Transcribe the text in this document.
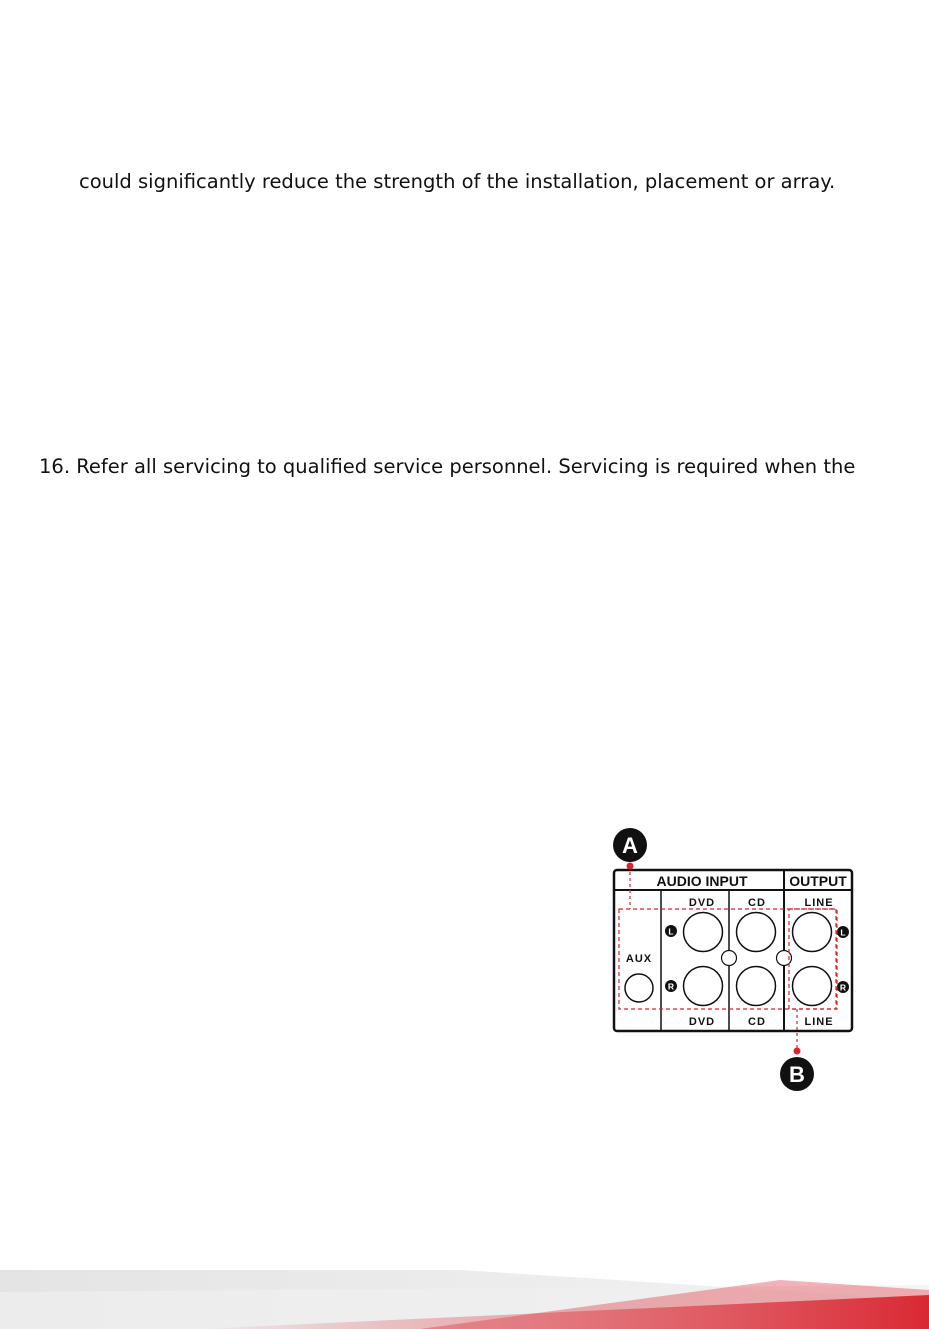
could significantly reduce the strength of the installation, placement or array.
16. Refer all servicing to qualified service personnel. Servicing is required when the
AUDIO INPUT	OUTPUT
DVD	CD	LINE
DVD	CD	LINE
AUX
L
R
L
R
A
B
